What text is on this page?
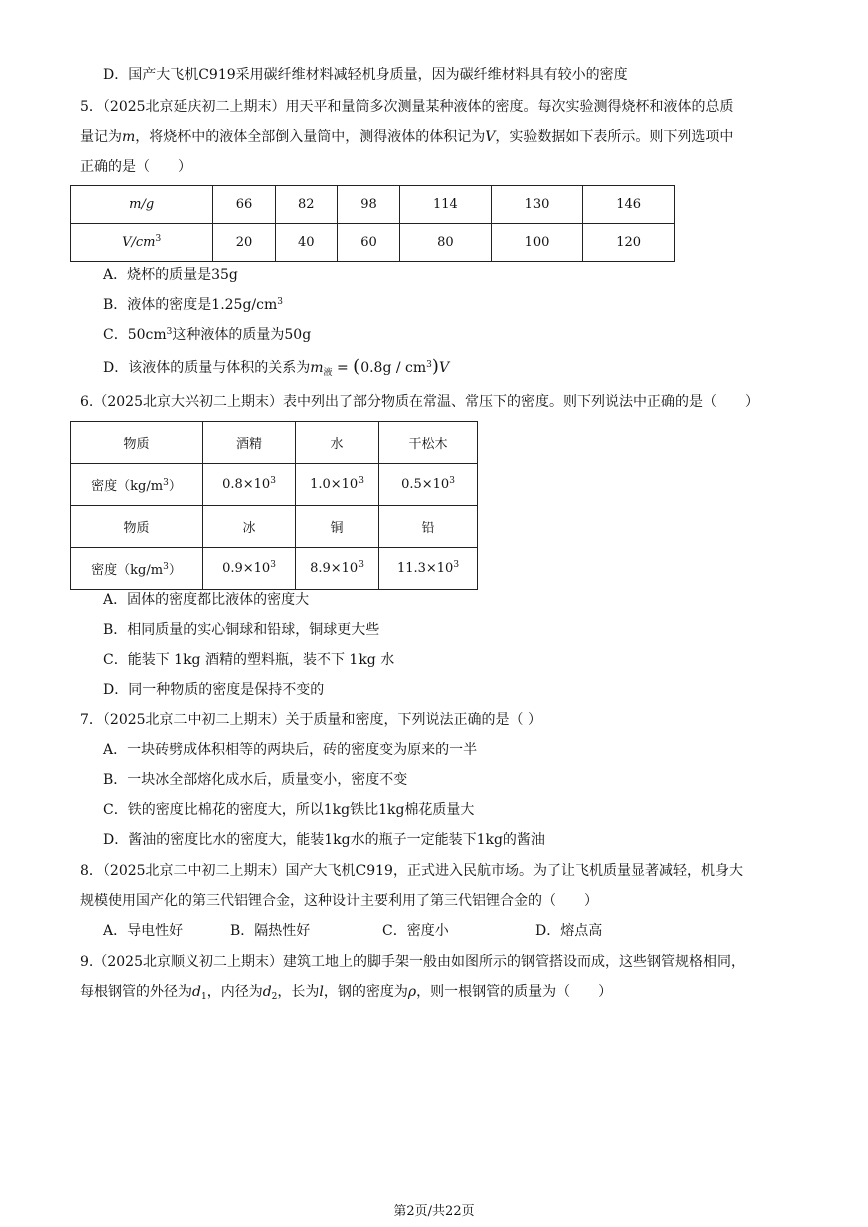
D．国产大飞机C919采用碳纤维材料减轻机身质量，因为碳纤维材料具有较小的密度
5．（2025北京延庆初二上期末）用天平和量筒多次测量某种液体的密度。每次实验测得烧杯和液体的总质
量记为m，将烧杯中的液体全部倒入量筒中，测得液体的体积记为V，实验数据如下表所示。则下列选项中
正确的是（　　）
m/g	66	82	98	114	130	146
$V/cm^3$	20	40	60	80	100	120
A．烧杯的质量是35g
B．液体的密度是$1.25g/cm^3$
C．$50cm^3$这种液体的质量为50g
D．该液体的质量与体积的关系为$m_液 = (0.8g / cm^3)V$
6.（2025北京大兴初二上期末）表中列出了部分物质在常温、常压下的密度。则下列说法中正确的是（　　）
物质	酒精	水	干松木
密度$(kg/m^3)$	$0.8\times 10^3$	$1.0\times 10^3$	$0.5\times 10^3$
物质	冰	铜	铅
密度$(kg/m^3)$	$0.9\times 10^3$	$8.9\times 10^3$	$11.3\times 10^3$
A．固体的密度都比液体的密度大
B．相同质量的实心铜球和铅球，铜球更大些
C．能装下 1kg 酒精的塑料瓶，装不下 1kg 水
D．同一种物质的密度是保持不变的
7．（2025北京二中初二上期末）关于质量和密度，下列说法正确的是（ ）
A．一块砖劈成体积相等的两块后，砖的密度变为原来的一半
B．一块冰全部熔化成水后，质量变小，密度不变
C．铁的密度比棉花的密度大，所以1kg铁比1kg棉花质量大
D．酱油的密度比水的密度大，能装1kg水的瓶子一定能装下1kg的酱油
8．（2025北京二中初二上期末）国产大飞机C919，正式进入民航市场。为了让飞机质量显著减轻，机身大
规模使用国产化的第三代铝锂合金，这种设计主要利用了第三代铝锂合金的（　　）
A．导电性好	B．隔热性好	C．密度小	D．熔点高
9.（2025北京顺义初二上期末）建筑工地上的脚手架一般由如图所示的钢管搭设而成，这些钢管规格相同，
每根钢管的外径为$d_1$，内径为$d_2$，长为l，钢的密度为ρ，则一根钢管的质量为（　　）
第2页/共22页
